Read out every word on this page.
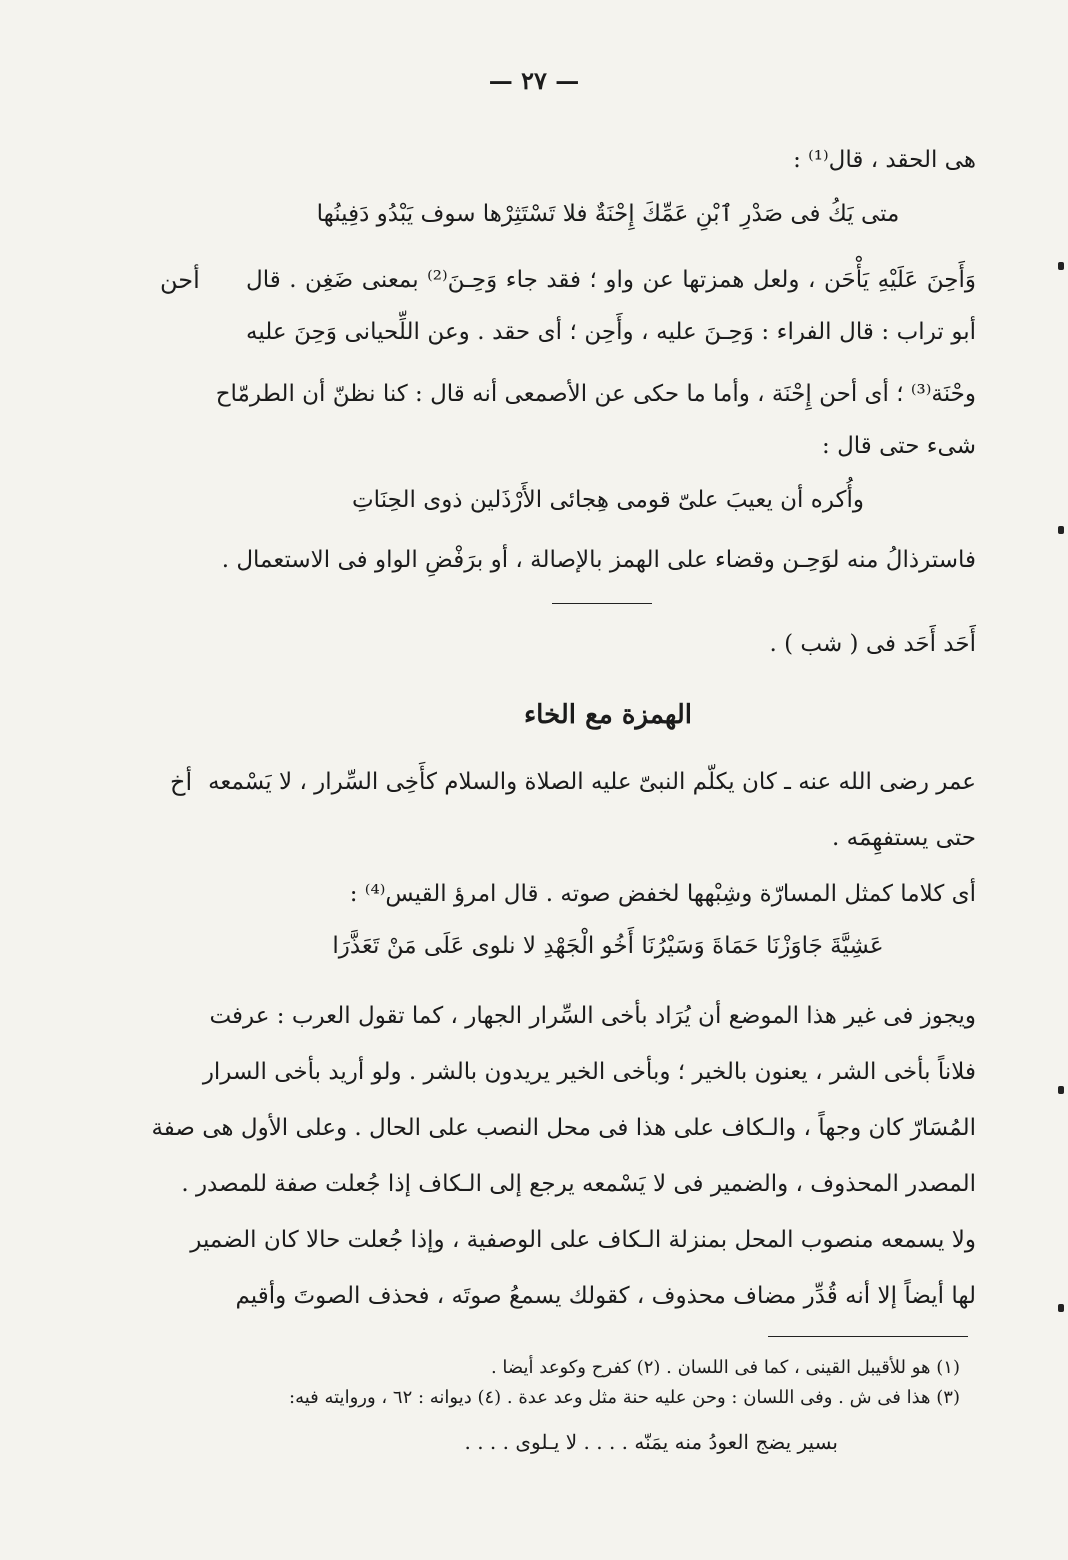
— ٢٧ —
هى الحقد ، قال⁽¹⁾ :
متى يَكُ فى صَدْرِ ٱبْنِ عَمِّكَ إِحْنَةٌ فلا تَسْتَثِرْها سوف يَبْدُو دَفِينُها
أحن وَأَحِنَ عَلَيْهِ يَأْحَن ، ولعل همزتها عن واو ؛ فقد جاء وَحِـنَ⁽²⁾ بمعنى ضَغِن . قال
أبو تراب : قال الفراء : وَحِـنَ عليه ، وأَحِن ؛ أى حقد . وعن اللِّحيانى وَحِنَ عليه
وحْنَة⁽³⁾ ؛ أى أحن إِحْنَة ، وأما ما حكى عن الأصمعى أنه قال : كنا نظنّ أن الطرمّاح
شىء حتى قال :
وأُكره أن يعيبَ علىّ قومى هِجائى الأَرْذَلين ذوى الحِنَاتِ
فاسترذالُ منه لوَحِـن وقضاء على الهمز بالإصالة ، أو برَفْضِ الواو فى الاستعمال .
أَحَد أَحَد فى ( شب ) .
الهمزة مع الخاء
أخ عمر رضى الله عنه ـ كان يكلّم النبىّ عليه الصلاة والسلام كأَخِى السِّرار ، لا يَسْمعه
حتى يستفهِمَه .
أى كلاما كمثل المسارّة وشِبْهها لخفض صوته . قال امرؤ القيس⁽⁴⁾ :
عَشِيَّةَ جَاوَزْنَا حَمَاةَ وَسَيْرُنَا أَخُو الْجَهْدِ لا نلوى عَلَى مَنْ تَعَذَّرَا
ويجوز فى غير هذا الموضع أن يُرَاد بأخى السِّرار الجهار ، كما تقول العرب : عرفت
فلاناً بأخى الشر ، يعنون بالخير ؛ وبأخى الخير يريدون بالشر . ولو أريد بأخى السرار
المُسَارّ كان وجهاً ، والـكاف على هذا فى محل النصب على الحال . وعلى الأول هى صفة
المصدر المحذوف ، والضمير فى لا يَسْمعه يرجع إلى الـكاف إذا جُعلت صفة للمصدر .
ولا يسمعه منصوب المحل بمنزلة الـكاف على الوصفية ، وإذا جُعلت حالا كان الضمير
لها أيضاً إلا أنه قُدِّر مضاف محذوف ، كقولك يسمعُ صوتَه ، فحذف الصوتَ وأقيم
(١) هو للأقيبل القينى ، كما فى اللسان . (٢) كفرح وكوعد أيضا .
(٣) هذا فى ش . وفى اللسان : وحن عليه حنة مثل وعد عدة . (٤) ديوانه : ٦٢ ، وروايته فيه:
بسير يضج العودُ منه يمَنّه . . . . لا يـلوى . . . .
